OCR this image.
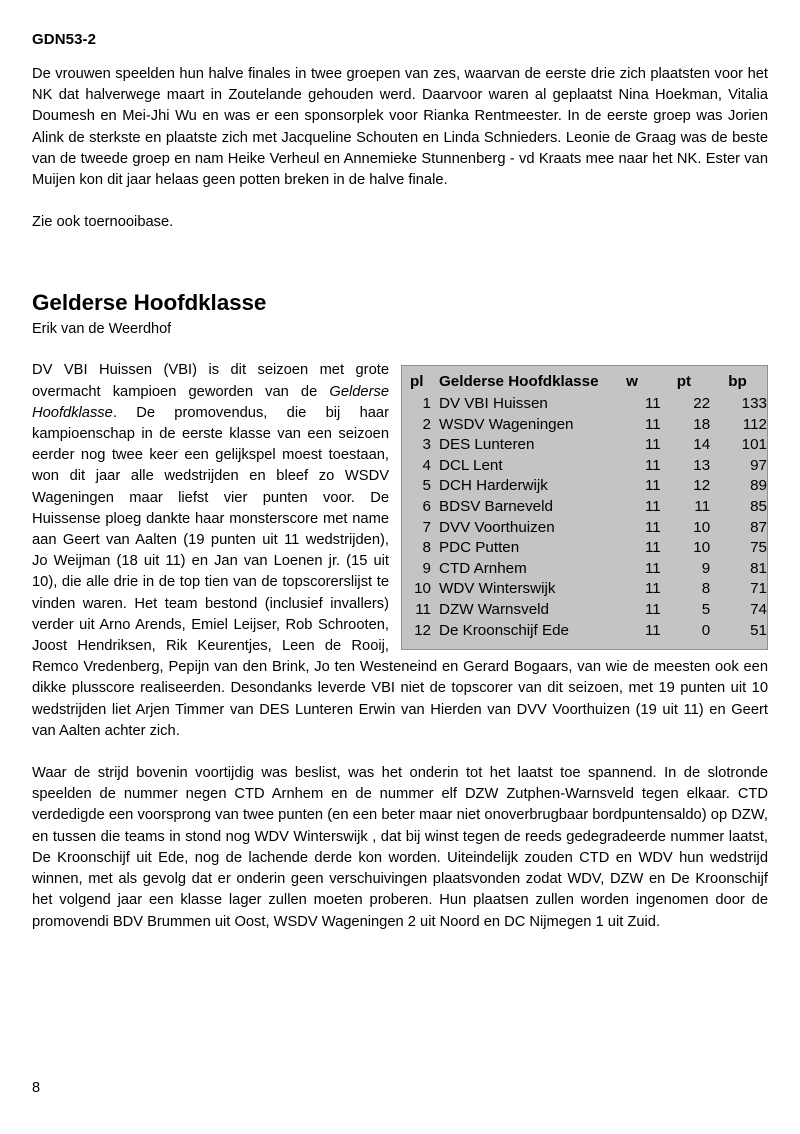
GDN53-2

De vrouwen speelden hun halve finales in twee groepen van zes, waarvan de eerste drie zich plaatsten voor het NK dat halverwege maart in Zoutelande gehouden werd. Daarvoor waren al geplaatst Nina Hoekman, Vitalia Doumesh en Mei-Jhi Wu en was er een sponsorplek voor Rianka Rentmeester. In de eerste groep was Jorien Alink de sterkste en plaatste zich met Jacqueline Schouten en Linda Schnieders. Leonie de Graag was de beste van de tweede groep en nam Heike Verheul en Annemieke Stunnenberg - vd Kraats mee naar het NK. Ester van Muijen kon dit jaar helaas geen potten breken in de halve finale.

Zie ook toernooibase.

Gelderse Hoofdklasse

Erik van de Weerdhof

pl	Gelderse Hoofdklasse	w	pt	bp
1	DV VBI Huissen	11	22	133
2	WSDV Wageningen	11	18	112
3	DES Lunteren	11	14	101
4	DCL Lent	11	13	97
5	DCH Harderwijk	11	12	89
6	BDSV Barneveld	11	11	85
7	DVV Voorthuizen	11	10	87
8	PDC Putten	11	10	75
9	CTD Arnhem	11	9	81
10	WDV Winterswijk	11	8	71
11	DZW Warnsveld	11	5	74
12	De Kroonschijf Ede	11	0	51

DV VBI Huissen (VBI) is dit seizoen met grote overmacht kampioen geworden van de Gelderse Hoofdklasse. De promovendus, die bij haar kampioenschap in de eerste klasse van een seizoen eerder nog twee keer een gelijkspel moest toestaan, won dit jaar alle wedstrijden en bleef zo WSDV Wageningen maar liefst vier punten voor. De Huissense ploeg dankte haar monsterscore met name aan Geert van Aalten (19 punten uit 11 wedstrijden), Jo Weijman (18 uit 11) en Jan van Loenen jr. (15 uit 10), die alle drie in de top tien van de topscorerslijst te vinden waren. Het team bestond (inclusief invallers) verder uit Arno Arends, Emiel Leijser, Rob Schrooten, Joost Hendriksen, Rik Keurentjes, Leen de Rooij, Remco Vredenberg, Pepijn van den Brink, Jo ten Westeneind en Gerard Bogaars, van wie de meesten ook een dikke plusscore realiseerden. Desondanks leverde VBI niet de topscorer van dit seizoen, met 19 punten uit 10 wedstrijden liet Arjen Timmer van DES Lunteren Erwin van Hierden van DVV Voorthuizen (19 uit 11) en Geert van Aalten achter zich.

Waar de strijd bovenin voortijdig was beslist, was het onderin tot het laatst toe spannend. In de slotronde speelden de nummer negen CTD Arnhem en de nummer elf DZW Zutphen-Warnsveld tegen elkaar. CTD verdedigde een voorsprong van twee punten (en een beter maar niet onoverbrugbaar bordpuntensaldo) op DZW, en tussen die teams in stond nog WDV Winterswijk , dat bij winst tegen de reeds gedegradeerde nummer laatst, De Kroonschijf uit Ede, nog de lachende derde kon worden. Uiteindelijk zouden CTD en WDV hun wedstrijd winnen, met als gevolg dat er onderin geen verschuivingen plaatsvonden zodat WDV, DZW en De Kroonschijf het volgend jaar een klasse lager zullen moeten proberen. Hun plaatsen zullen worden ingenomen door de promovendi BDV Brummen uit Oost, WSDV Wageningen 2 uit Noord en DC Nijmegen 1 uit Zuid.

8
